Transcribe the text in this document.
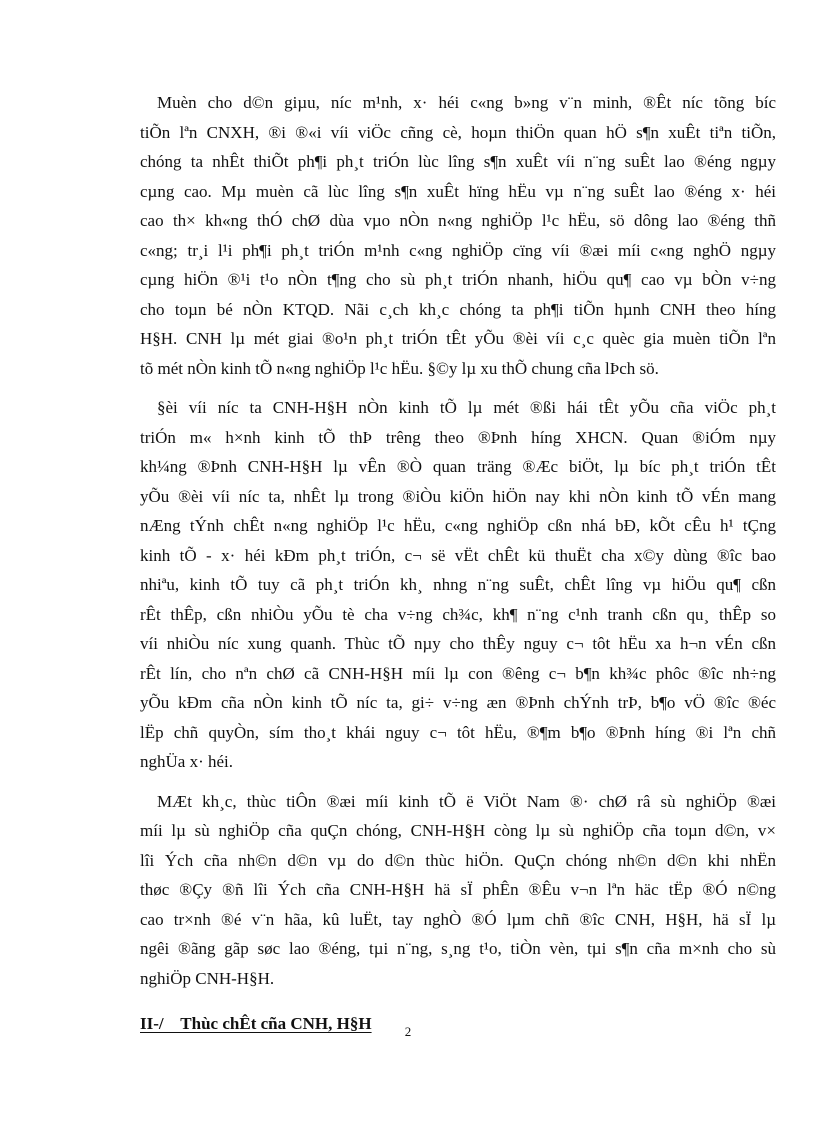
Muèn cho d©n giµu, níc m¹nh, x· héi c«ng b»ng v¨n minh, ®Êt níc tõng bíc
tiÕn lªn CNXH, ®i ®«i víi viÖc cñng cè, hoµn thiÖn quan hÖ s¶n xuÊt tiªn tiÕn,
chóng ta nhÊt thiÕt ph¶i ph¸t triÓn lùc lîng s¶n xuÊt víi n¨ng suÊt lao ®éng ngµy
cµng cao. Mµ muèn cã lùc lîng s¶n xuÊt hïng hËu vµ n¨ng suÊt lao ®éng x· héi
cao th× kh«ng thÓ chØ dùa vµo nÒn n«ng nghiÖp l¹c hËu, sö dông lao ®éng thñ
c«ng; tr¸i l¹i ph¶i ph¸t triÓn m¹nh c«ng nghiÖp cïng víi ®æi míi c«ng nghÖ ngµy
cµng hiÖn ®¹i t¹o nÒn t¶ng cho sù ph¸t triÓn nhanh, hiÖu qu¶ cao vµ bÒn v÷ng
cho toµn bé nÒn KTQD. Nãi c¸ch kh¸c chóng ta ph¶i tiÕn hµnh CNH theo híng
H§H. CNH lµ mét giai ®o¹n ph¸t triÓn tÊt yÕu ®èi víi c¸c quèc gia muèn tiÕn lªn
tõ mét nÒn kinh tÕ n«ng nghiÖp l¹c hËu. §©y lµ xu thÕ chung cña lÞch sö.

§èi víi níc ta CNH-H§H nÒn kinh tÕ lµ mét ®ßi hái tÊt yÕu cña viÖc ph¸t
triÓn m« h×nh kinh tÕ thÞ trêng theo ®Þnh híng XHCN. Quan ®iÓm nµy
kh¼ng ®Þnh CNH-H§H lµ vÊn ®Ò quan träng ®Æc biÖt, lµ bíc ph¸t triÓn tÊt
yÕu ®èi víi níc ta, nhÊt lµ trong ®iÒu kiÖn hiÖn nay khi nÒn kinh tÕ vÉn mang
nÆng tÝnh chÊt n«ng nghiÖp l¹c hËu, c«ng nghiÖp cßn nhá bÐ, kÕt cÊu h¹ tÇng
kinh tÕ - x· héi kÐm ph¸t triÓn, c¬ së vËt chÊt kü thuËt cha x©y dùng ®îc bao
nhiªu, kinh tÕ tuy cã ph¸t triÓn kh¸ nhng n¨ng suÊt, chÊt lîng vµ hiÖu qu¶ cßn
rÊt thÊp, cßn nhiÒu yÕu tè cha v÷ng ch¾c, kh¶ n¨ng c¹nh tranh cßn qu¸ thÊp so
víi nhiÒu níc xung quanh. Thùc tÕ nµy cho thÊy nguy c¬ tôt hËu xa h¬n vÉn cßn
rÊt lín, cho nªn chØ cã CNH-H§H míi lµ con ®êng c¬ b¶n kh¾c phôc ®îc nh÷ng
yÕu kÐm cña nÒn kinh tÕ níc ta, gi÷ v÷ng æn ®Þnh chÝnh trÞ, b¶o vÖ ®îc ®éc
lËp chñ quyÒn, sím tho¸t khái nguy c¬ tôt hËu, ®¶m b¶o ®Þnh híng ®i lªn chñ
nghÜa x· héi.

MÆt kh¸c, thùc tiÔn ®æi míi kinh tÕ ë ViÖt Nam ®· chØ râ sù nghiÖp ®æi
míi lµ sù nghiÖp cña quÇn chóng, CNH-H§H còng lµ sù nghiÖp cña toµn d©n, v×
lîi Ých cña nh©n d©n vµ do d©n thùc hiÖn. QuÇn chóng nh©n d©n khi nhËn
thøc ®Çy ®ñ lîi Ých cña CNH-H§H hä sÏ phÊn ®Êu v¬n lªn häc tËp ®Ó n©ng
cao tr×nh ®é v¨n hãa, kû luËt, tay nghÒ ®Ó lµm chñ ®îc CNH, H§H, hä sÏ lµ
ngêi ®ãng gãp søc lao ®éng, tµi n¨ng, s¸ng t¹o, tiÒn vèn, tµi s¶n cña m×nh cho sù
nghiÖp CNH-H§H.

II-/    Thùc chÊt cña CNH, H§H	2
